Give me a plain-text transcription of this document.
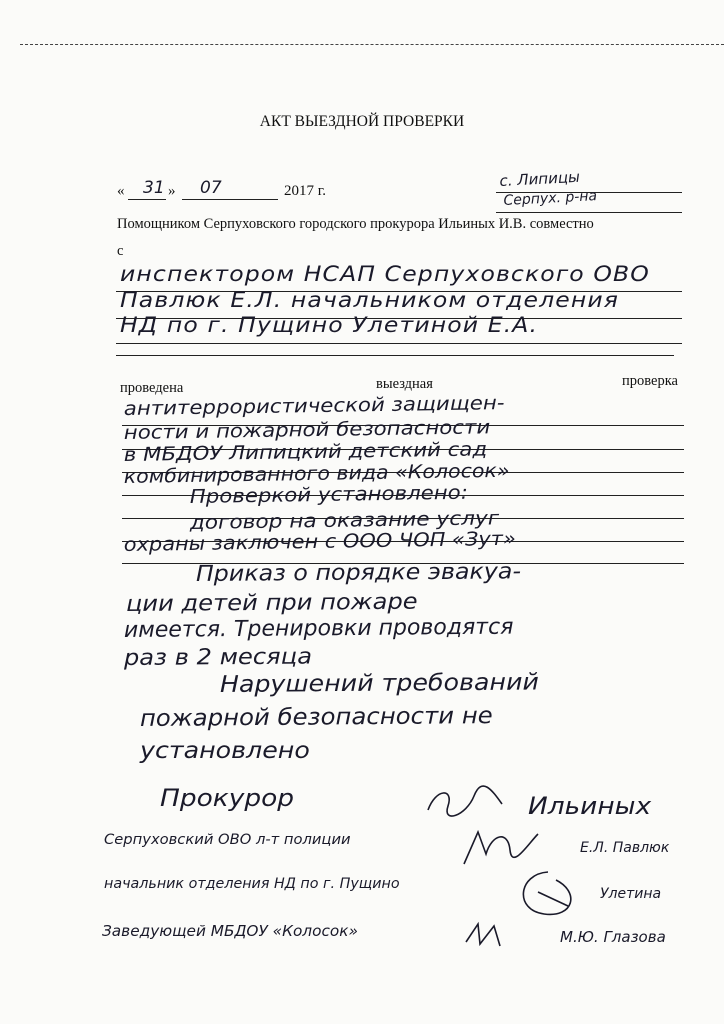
АКТ ВЫЕЗДНОЙ ПРОВЕРКИ
« 31 » 07	2017 г.
с. Липицы
Серпух. р-на
Помощником Серпуховского городского прокурора Ильиных И.В. совместно
с
инспектором НСАП Серпуховского ОВО
Павлюк Е.Л. начальником отделения
НД по г. Пущино Улетиной Е.А.
проведена	выездная	проверка
антитеррористической защищен-
ности и пожарной безопасности
в МБДОУ Липицкий детский сад
комбинированного вида «Колосок»
Проверкой установлено:
договор на оказание услуг
охраны заключен с ООО ЧОП «Зут»
Приказ о порядке эвакуа-
ции детей при пожаре
имеется. Тренировки проводятся
раз в 2 месяца
Нарушений требований
пожарной безопасности не
установлено
Прокурор	Ильиных
Серпуховский ОВО л-т полиции	Е.Л. Павлюк
начальник отделения НД по г. Пущино
Улетина
Заведующей МБДОУ «Колосок»	М.Ю. Глазова
